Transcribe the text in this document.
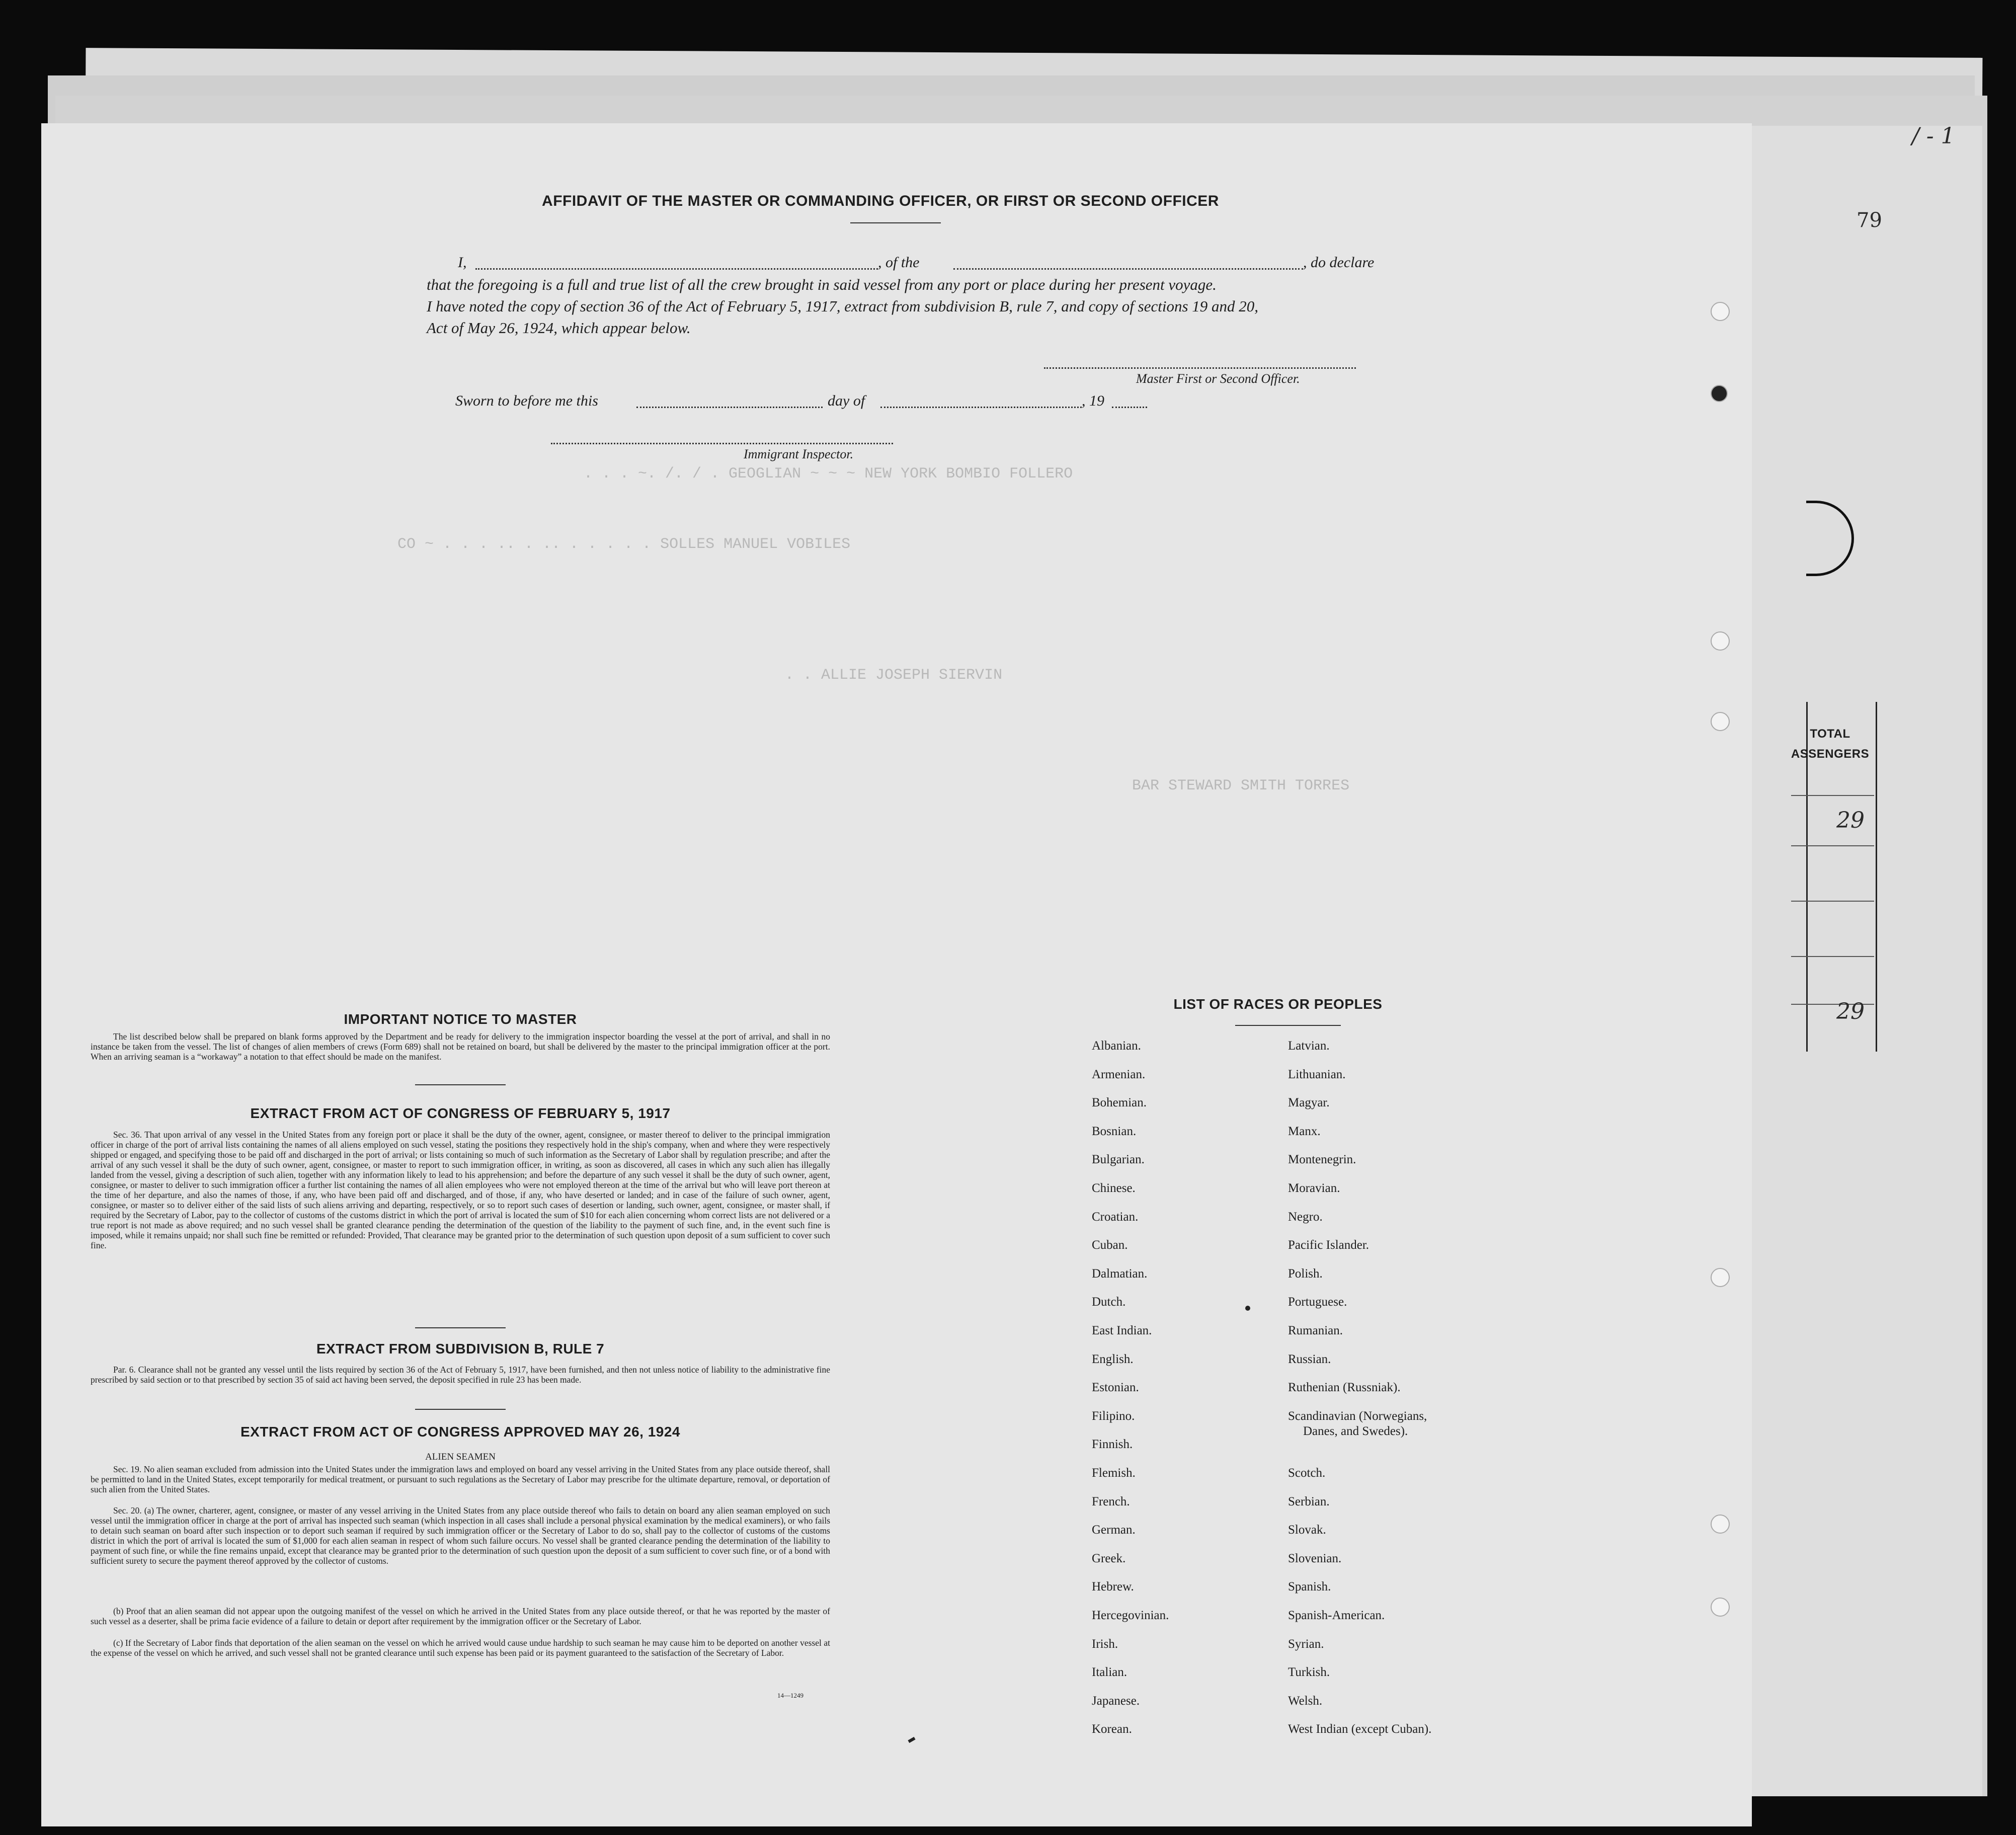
79
/ - 1
TOTAL
ASSENGERS
29
29
. . . ~. /. / . GEOGLIAN ~ ~ ~ NEW YORK BOMBIO FOLLERO
CO ~ . . . .. . .. . . . . . SOLLES MANUEL VOBILES
. . ALLIE JOSEPH SIERVIN
BAR STEWARD SMITH TORRES
AFFIDAVIT OF THE MASTER OR COMMANDING OFFICER, OR FIRST OR SECOND OFFICER
I,	, of the	, do declare
that the foregoing is a full and true list of all the crew brought in said vessel from any port or place during her present voyage.
I have noted the copy of section 36 of the Act of February 5, 1917, extract from subdivision B, rule 7, and copy of sections 19 and 20,
Act of May 26, 1924, which appear below.
Master First or Second Officer.
Sworn to before me this	day of	, 19
Immigrant Inspector.
IMPORTANT NOTICE TO MASTER
The list described below shall be prepared on blank forms approved by the Department and be ready for delivery to the immigration inspector boarding the vessel at the port of arrival, and shall in no instance be taken from the vessel. The list of changes of alien members of crews (Form 689) shall not be retained on board, but shall be delivered by the master to the principal immigration officer at the port. When an arriving seaman is a “workaway” a notation to that effect should be made on the manifest.
EXTRACT FROM ACT OF CONGRESS OF FEBRUARY 5, 1917
Sec. 36. That upon arrival of any vessel in the United States from any foreign port or place it shall be the duty of the owner, agent, consignee, or master thereof to deliver to the principal immigration officer in charge of the port of arrival lists containing the names of all aliens employed on such vessel, stating the positions they respectively hold in the ship's company, when and where they were respectively shipped or engaged, and specifying those to be paid off and discharged in the port of arrival; or lists containing so much of such information as the Secretary of Labor shall by regulation prescribe; and after the arrival of any such vessel it shall be the duty of such owner, agent, consignee, or master to report to such immigration officer, in writing, as soon as discovered, all cases in which any such alien has illegally landed from the vessel, giving a description of such alien, together with any information likely to lead to his apprehension; and before the departure of any such vessel it shall be the duty of such owner, agent, consignee, or master to deliver to such immigration officer a further list containing the names of all alien employees who were not employed thereon at the time of the arrival but who will leave port thereon at the time of her departure, and also the names of those, if any, who have been paid off and discharged, and of those, if any, who have deserted or landed; and in case of the failure of such owner, agent, consignee, or master so to deliver either of the said lists of such aliens arriving and departing, respectively, or so to report such cases of desertion or landing, such owner, agent, consignee, or master shall, if required by the Secretary of Labor, pay to the collector of customs of the customs district in which the port of arrival is located the sum of $10 for each alien concerning whom correct lists are not delivered or a true report is not made as above required; and no such vessel shall be granted clearance pending the determination of the question of the liability to the payment of such fine, and, in the event such fine is imposed, while it remains unpaid; nor shall such fine be remitted or refunded: Provided, That clearance may be granted prior to the determination of such question upon deposit of a sum sufficient to cover such fine.
EXTRACT FROM SUBDIVISION B, RULE 7
Par. 6. Clearance shall not be granted any vessel until the lists required by section 36 of the Act of February 5, 1917, have been furnished, and then not unless notice of liability to the administrative fine prescribed by said section or to that prescribed by section 35 of said act having been served, the deposit specified in rule 23 has been made.
EXTRACT FROM ACT OF CONGRESS APPROVED MAY 26, 1924
ALIEN SEAMEN
Sec. 19. No alien seaman excluded from admission into the United States under the immigration laws and employed on board any vessel arriving in the United States from any place outside thereof, shall be permitted to land in the United States, except temporarily for medical treatment, or pursuant to such regulations as the Secretary of Labor may prescribe for the ultimate departure, removal, or deportation of such alien from the United States.
Sec. 20. (a) The owner, charterer, agent, consignee, or master of any vessel arriving in the United States from any place outside thereof who fails to detain on board any alien seaman employed on such vessel until the immigration officer in charge at the port of arrival has inspected such seaman (which inspection in all cases shall include a personal physical examination by the medical examiners), or who fails to detain such seaman on board after such inspection or to deport such seaman if required by such immigration officer or the Secretary of Labor to do so, shall pay to the collector of customs of the customs district in which the port of arrival is located the sum of $1,000 for each alien seaman in respect of whom such failure occurs. No vessel shall be granted clearance pending the determination of the liability to payment of such fine, or while the fine remains unpaid, except that clearance may be granted prior to the determination of such question upon the deposit of a sum sufficient to cover such fine, or of a bond with sufficient surety to secure the payment thereof approved by the collector of customs.
(b) Proof that an alien seaman did not appear upon the outgoing manifest of the vessel on which he arrived in the United States from any place outside thereof, or that he was reported by the master of such vessel as a deserter, shall be prima facie evidence of a failure to detain or deport after requirement by the immigration officer or the Secretary of Labor.
(c) If the Secretary of Labor finds that deportation of the alien seaman on the vessel on which he arrived would cause undue hardship to such seaman he may cause him to be deported on another vessel at the expense of the vessel on which he arrived, and such vessel shall not be granted clearance until such expense has been paid or its payment guaranteed to the satisfaction of the Secretary of Labor.
14—1249
LIST OF RACES OR PEOPLES
Albanian.
Armenian.
Bohemian.
Bosnian.
Bulgarian.
Chinese.
Croatian.
Cuban.
Dalmatian.
Dutch.
East Indian.
English.
Estonian.
Filipino.
Finnish.
Flemish.
French.
German.
Greek.
Hebrew.
Hercegovinian.
Irish.
Italian.
Japanese.
Korean.
Latvian.
Lithuanian.
Magyar.
Manx.
Montenegrin.
Moravian.
Negro.
Pacific Islander.
Polish.
Portuguese.
Rumanian.
Russian.
Ruthenian (Russniak).
Scandinavian (Norwegians,
Danes, and Swedes).
Scotch.
Serbian.
Slovak.
Slovenian.
Spanish.
Spanish-American.
Syrian.
Turkish.
Welsh.
West Indian (except Cuban).
